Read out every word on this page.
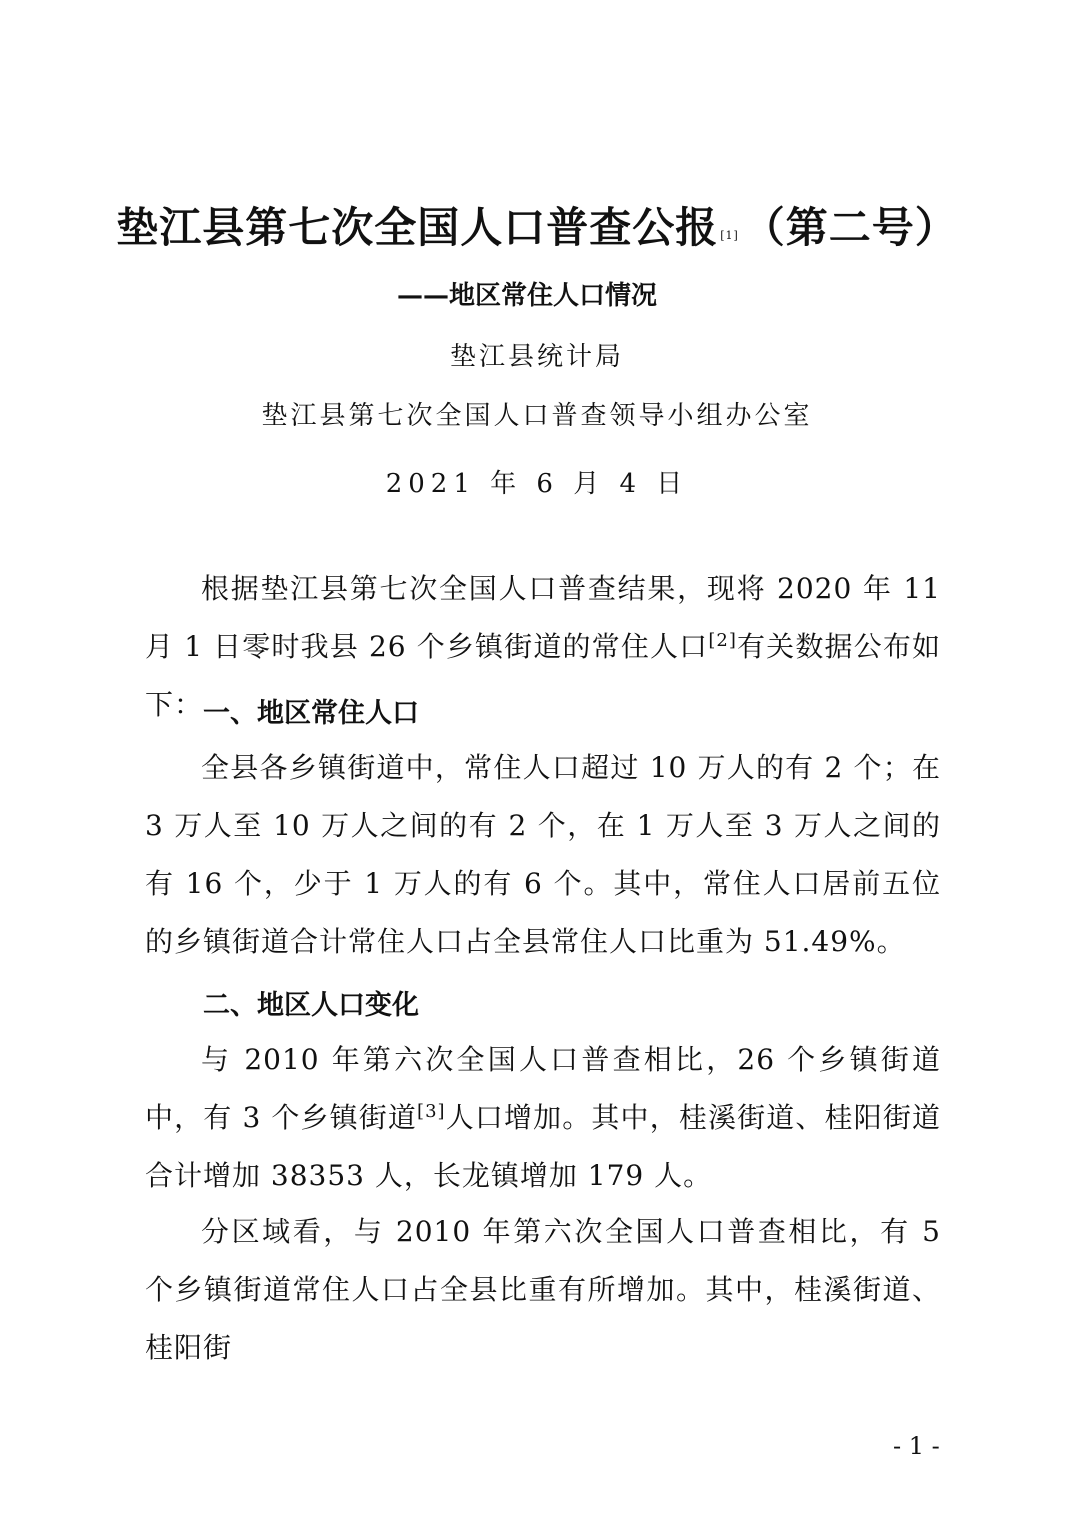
垫江县第七次全国人口普查公报 [1]（第二号）
——地区常住人口情况
垫江县统计局
垫江县第七次全国人口普查领导小组办公室
2021 年 6 月 4 日

根据垫江县第七次全国人口普查结果，现将 2020 年 11 月 1 日零时我县 26 个乡镇街道的常住人口[2]有关数据公布如下： 一、地区常住人口

全县各乡镇街道中，常住人口超过 10 万人的有 2 个；在 3 万人至 10 万人之间的有 2 个，在 1 万人至 3 万人之间的有 16 个，少于 1 万人的有 6 个。其中，常住人口居前五位的乡镇街道合计常住人口占全县常住人口比重为 51.49%。

二、地区人口变化

与 2010 年第六次全国人口普查相比，26 个乡镇街道中，有 3 个乡镇街道[3]人口增加。其中，桂溪街道、桂阳街道合计增加 38353 人，长龙镇增加 179 人。

分区域看，与 2010 年第六次全国人口普查相比，有 5 个乡镇街道常住人口占全县比重有所增加。其中，桂溪街道、桂阳街

- 1 -
